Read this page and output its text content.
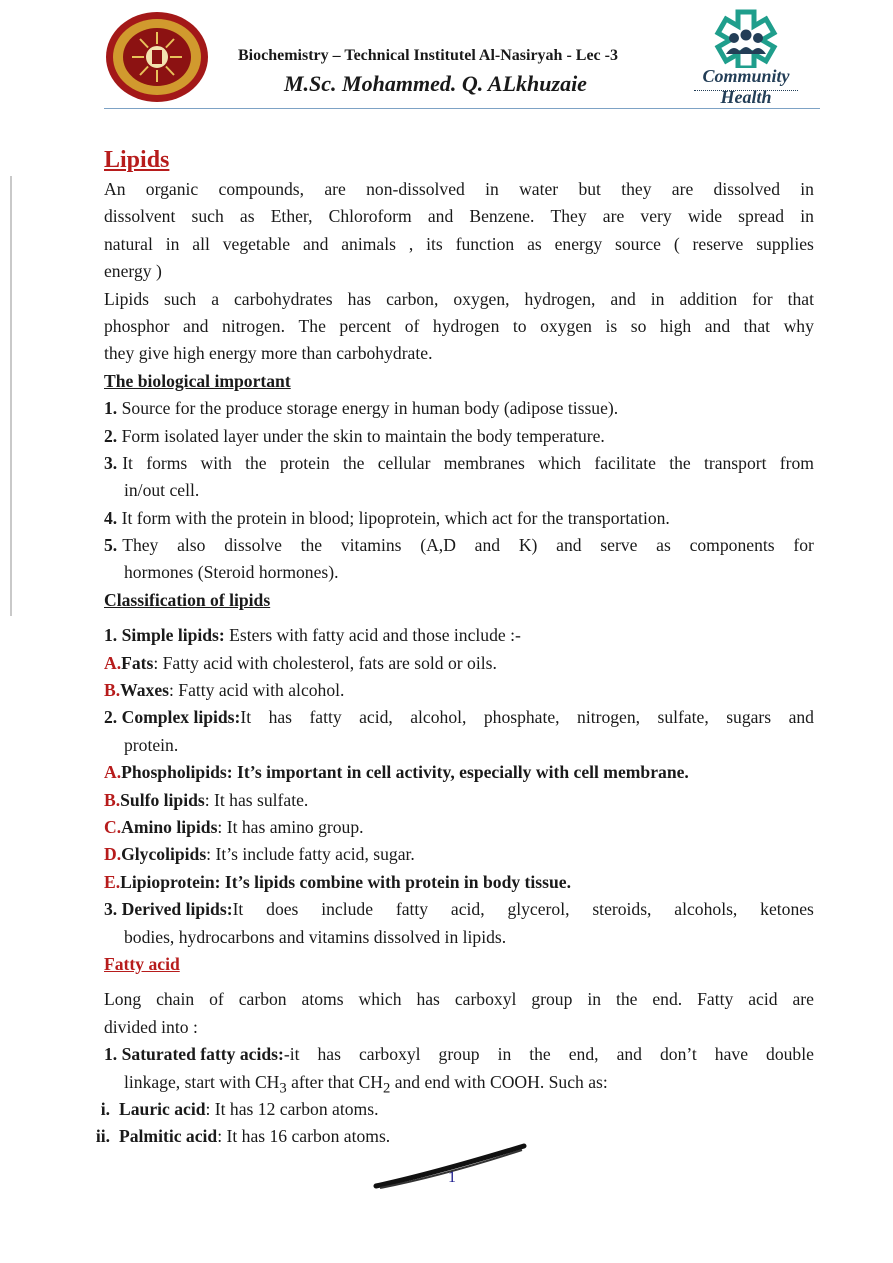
Biochemistry – Technical Institutel Al-Nasiryah - Lec -3
M.Sc. Mohammed. Q. ALkhuzaie	Community Health
Lipids
An organic compounds, are non-dissolved in water but they are dissolved in
dissolvent such as Ether, Chloroform and Benzene. They are very wide spread in
natural in all vegetable and animals , its function as energy source ( reserve supplies
energy )
Lipids such a carbohydrates has carbon, oxygen, hydrogen, and in addition for that
phosphor and nitrogen. The percent of hydrogen to oxygen is so high and that why
they give high energy more than carbohydrate.
The biological important
1. Source for the produce storage energy in human body (adipose tissue).
2. Form isolated layer under the skin to maintain the body temperature.
3. It forms with the protein the cellular membranes which facilitate the transport from
in/out cell.
4. It form with the protein in blood; lipoprotein, which act for the transportation.
5. They also dissolve the vitamins (A,D and K) and serve as components for
hormones (Steroid hormones).
Classification of lipids
1. Simple lipids: Esters with fatty acid and those include :-
A.Fats: Fatty acid with cholesterol, fats are sold or oils.
B.Waxes: Fatty acid with alcohol.
2. Complex lipids: It has fatty acid, alcohol, phosphate, nitrogen, sulfate, sugars and
protein.
A.Phospholipids: It’s important in cell activity, especially with cell membrane.
B.Sulfo lipids: It has sulfate.
C.Amino lipids: It has amino group.
D.Glycolipids: It’s include fatty acid, sugar.
E.Lipioprotein: It’s lipids combine with protein in body tissue.
3. Derived lipids: It does include fatty acid, glycerol, steroids, alcohols, ketones
bodies, hydrocarbons and vitamins dissolved in lipids.
Fatty acid
Long chain of carbon atoms which has carboxyl group in the end. Fatty acid are
divided into :
1. Saturated fatty acids: -it has carboxyl group in the end, and don’t have double
linkage, start with $CH_3$ after that $CH_2$ and end with COOH. Such as:
i. Lauric acid: It has 12 carbon atoms.
ii. Palmitic acid: It has 16 carbon atoms.
1
